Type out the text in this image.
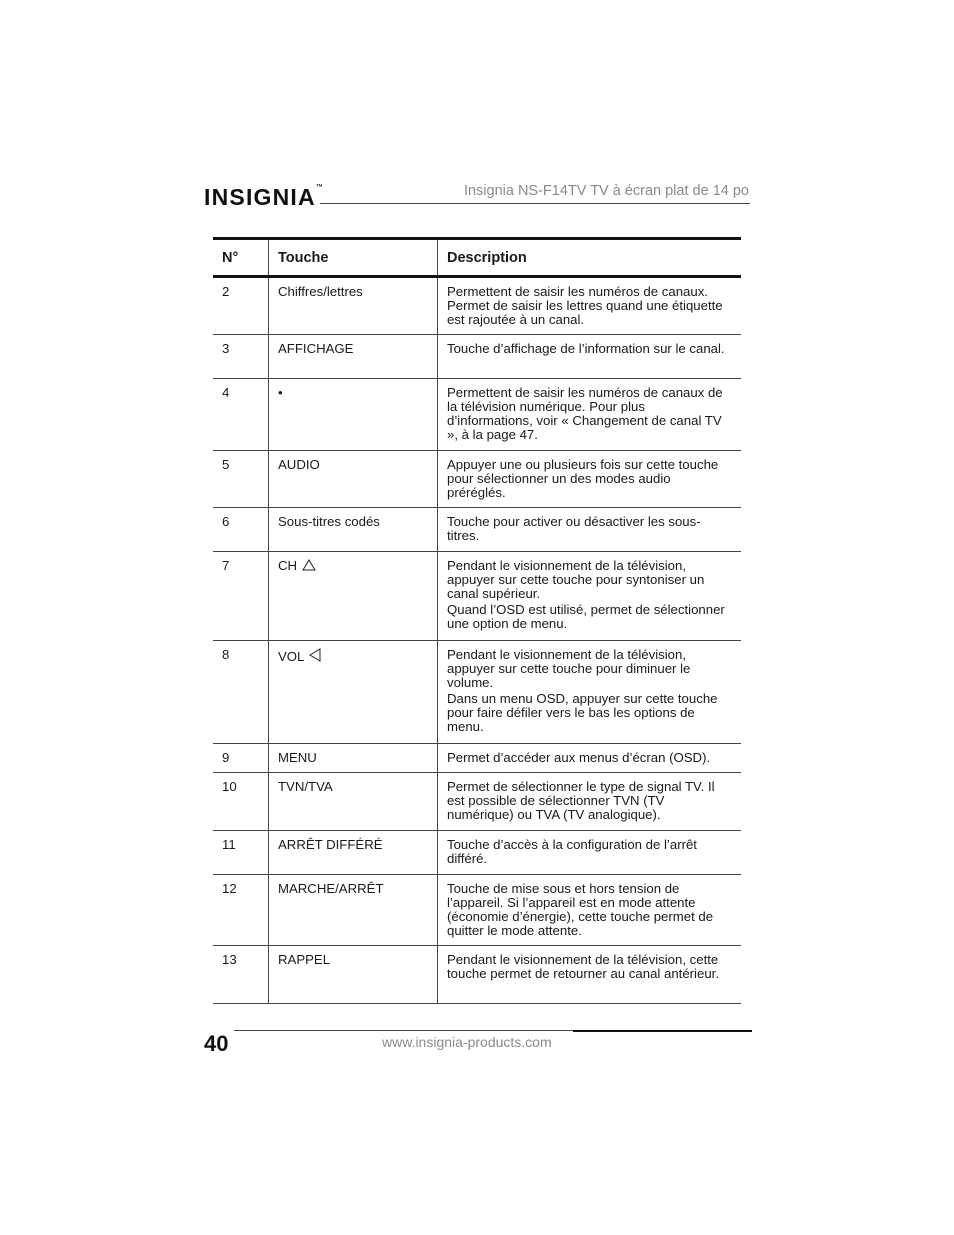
INSIGNIA™	Insignia NS-F14TV TV à écran plat de 14 po
N°	Touche	Description
2	Chiffres/lettres	Permettent de saisir les numéros de canaux. Permet de saisir les lettres quand une étiquette est rajoutée à un canal.

3	AFFICHAGE	Touche d’affichage de l’information sur le canal.

4	•	Permettent de saisir les numéros de canaux de la télévision numérique. Pour plus d’informations, voir « Changement de canal TV », à la page 47.

5	AUDIO	Appuyer une ou plusieurs fois sur cette touche pour sélectionner un des modes audio préréglés.

6	Sous-titres codés	Touche pour activer ou désactiver les sous-titres.

7	CH	Pendant le visionnement de la télévision, appuyer sur cette touche pour syntoniser un canal supérieur.

Quand l’OSD est utilisé, permet de sélectionner une option de menu.

8	VOL	Pendant le visionnement de la télévision, appuyer sur cette touche pour diminuer le volume.

Dans un menu OSD, appuyer sur cette touche pour faire défiler vers le bas les options de menu.

9	MENU	Permet d’accéder aux menus d’écran (OSD).

10	TVN/TVA	Permet de sélectionner le type de signal TV. Il est possible de sélectionner TVN (TV numérique) ou TVA (TV analogique).

11	ARRÊT DIFFÉRÉ	Touche d’accès à la configuration de l’arrêt différé.

12	MARCHE/ARRÊT	Touche de mise sous et hors tension de l’appareil. Si l’appareil est en mode attente (économie d’énergie), cette touche permet de quitter le mode attente.

13	RAPPEL	Pendant le visionnement de la télévision, cette touche permet de retourner au canal antérieur.

40	www.insignia-products.com
